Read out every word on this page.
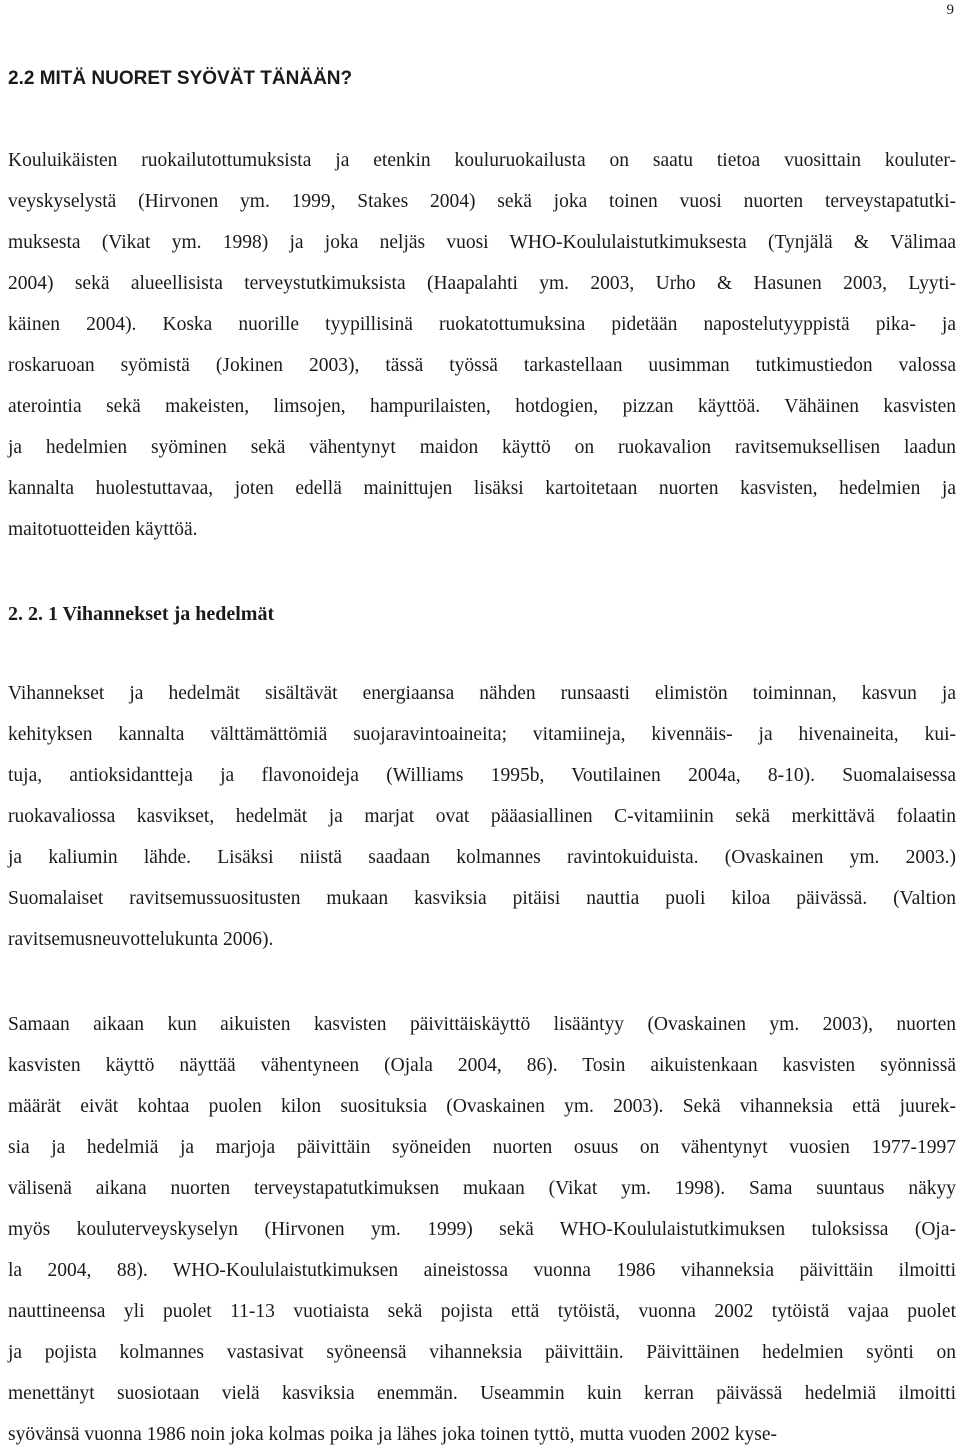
9
2.2 MITÄ NUORET SYÖVÄT TÄNÄÄN?

Kouluikäisten ruokailutottumuksista ja etenkin kouluruokailusta on saatu tietoa vuosittain kouluter-
veyskyselystä (Hirvonen ym. 1999, Stakes 2004) sekä joka toinen vuosi nuorten terveystapatutki-
muksesta (Vikat ym. 1998) ja joka neljäs vuosi WHO-Koululaistutkimuksesta (Tynjälä & Välimaa
2004) sekä alueellisista terveystutkimuksista (Haapalahti ym. 2003, Urho & Hasunen 2003, Lyyti-
käinen 2004). Koska nuorille tyypillisinä ruokatottumuksina pidetään napostelutyyppistä pika- ja
roskaruoan syömistä (Jokinen 2003), tässä työssä tarkastellaan uusimman tutkimustiedon valossa
aterointia sekä makeisten, limsojen, hampurilaisten, hotdogien, pizzan käyttöä. Vähäinen kasvisten
ja hedelmien syöminen sekä vähentynyt maidon käyttö on ruokavalion ravitsemuksellisen laadun
kannalta huolestuttavaa, joten edellä mainittujen lisäksi kartoitetaan nuorten kasvisten, hedelmien ja
maitotuotteiden käyttöä.

2. 2. 1 Vihannekset ja hedelmät

Vihannekset ja hedelmät sisältävät energiaansa nähden runsaasti elimistön toiminnan, kasvun ja
kehityksen kannalta välttämättömiä suojaravintoaineita; vitamiineja, kivennäis- ja hivenaineita, kui-
tuja, antioksidantteja ja flavonoideja (Williams 1995b, Voutilainen 2004a, 8-10). Suomalaisessa
ruokavaliossa kasvikset, hedelmät ja marjat ovat pääasiallinen C-vitamiinin sekä merkittävä folaatin
ja kaliumin lähde. Lisäksi niistä saadaan kolmannes ravintokuiduista. (Ovaskainen ym. 2003.)
Suomalaiset ravitsemussuositusten mukaan kasviksia pitäisi nauttia puoli kiloa päivässä. (Valtion
ravitsemusneuvottelukunta 2006).

Samaan aikaan kun aikuisten kasvisten päivittäiskäyttö lisääntyy (Ovaskainen ym. 2003), nuorten
kasvisten käyttö näyttää vähentyneen (Ojala 2004, 86). Tosin aikuistenkaan kasvisten syönnissä
määrät eivät kohtaa puolen kilon suosituksia (Ovaskainen ym. 2003). Sekä vihanneksia että juurek-
sia ja hedelmiä ja marjoja päivittäin syöneiden nuorten osuus on vähentynyt vuosien 1977-1997
välisenä aikana nuorten terveystapatutkimuksen mukaan (Vikat ym. 1998). Sama suuntaus näkyy
myös kouluterveyskyselyn (Hirvonen ym. 1999) sekä WHO-Koululaistutkimuksen tuloksissa (Oja-
la 2004, 88). WHO-Koululaistutkimuksen aineistossa vuonna 1986 vihanneksia päivittäin ilmoitti
nauttineensa yli puolet 11-13 vuotiaista sekä pojista että tytöistä, vuonna 2002 tytöistä vajaa puolet
ja pojista kolmannes vastasivat syöneensä vihanneksia päivittäin. Päivittäinen hedelmien syönti on
menettänyt suosiotaan vielä kasviksia enemmän. Useammin kuin kerran päivässä hedelmiä ilmoitti
syövänsä vuonna 1986 noin joka kolmas poika ja lähes joka toinen tyttö, mutta vuoden 2002 kyse-
